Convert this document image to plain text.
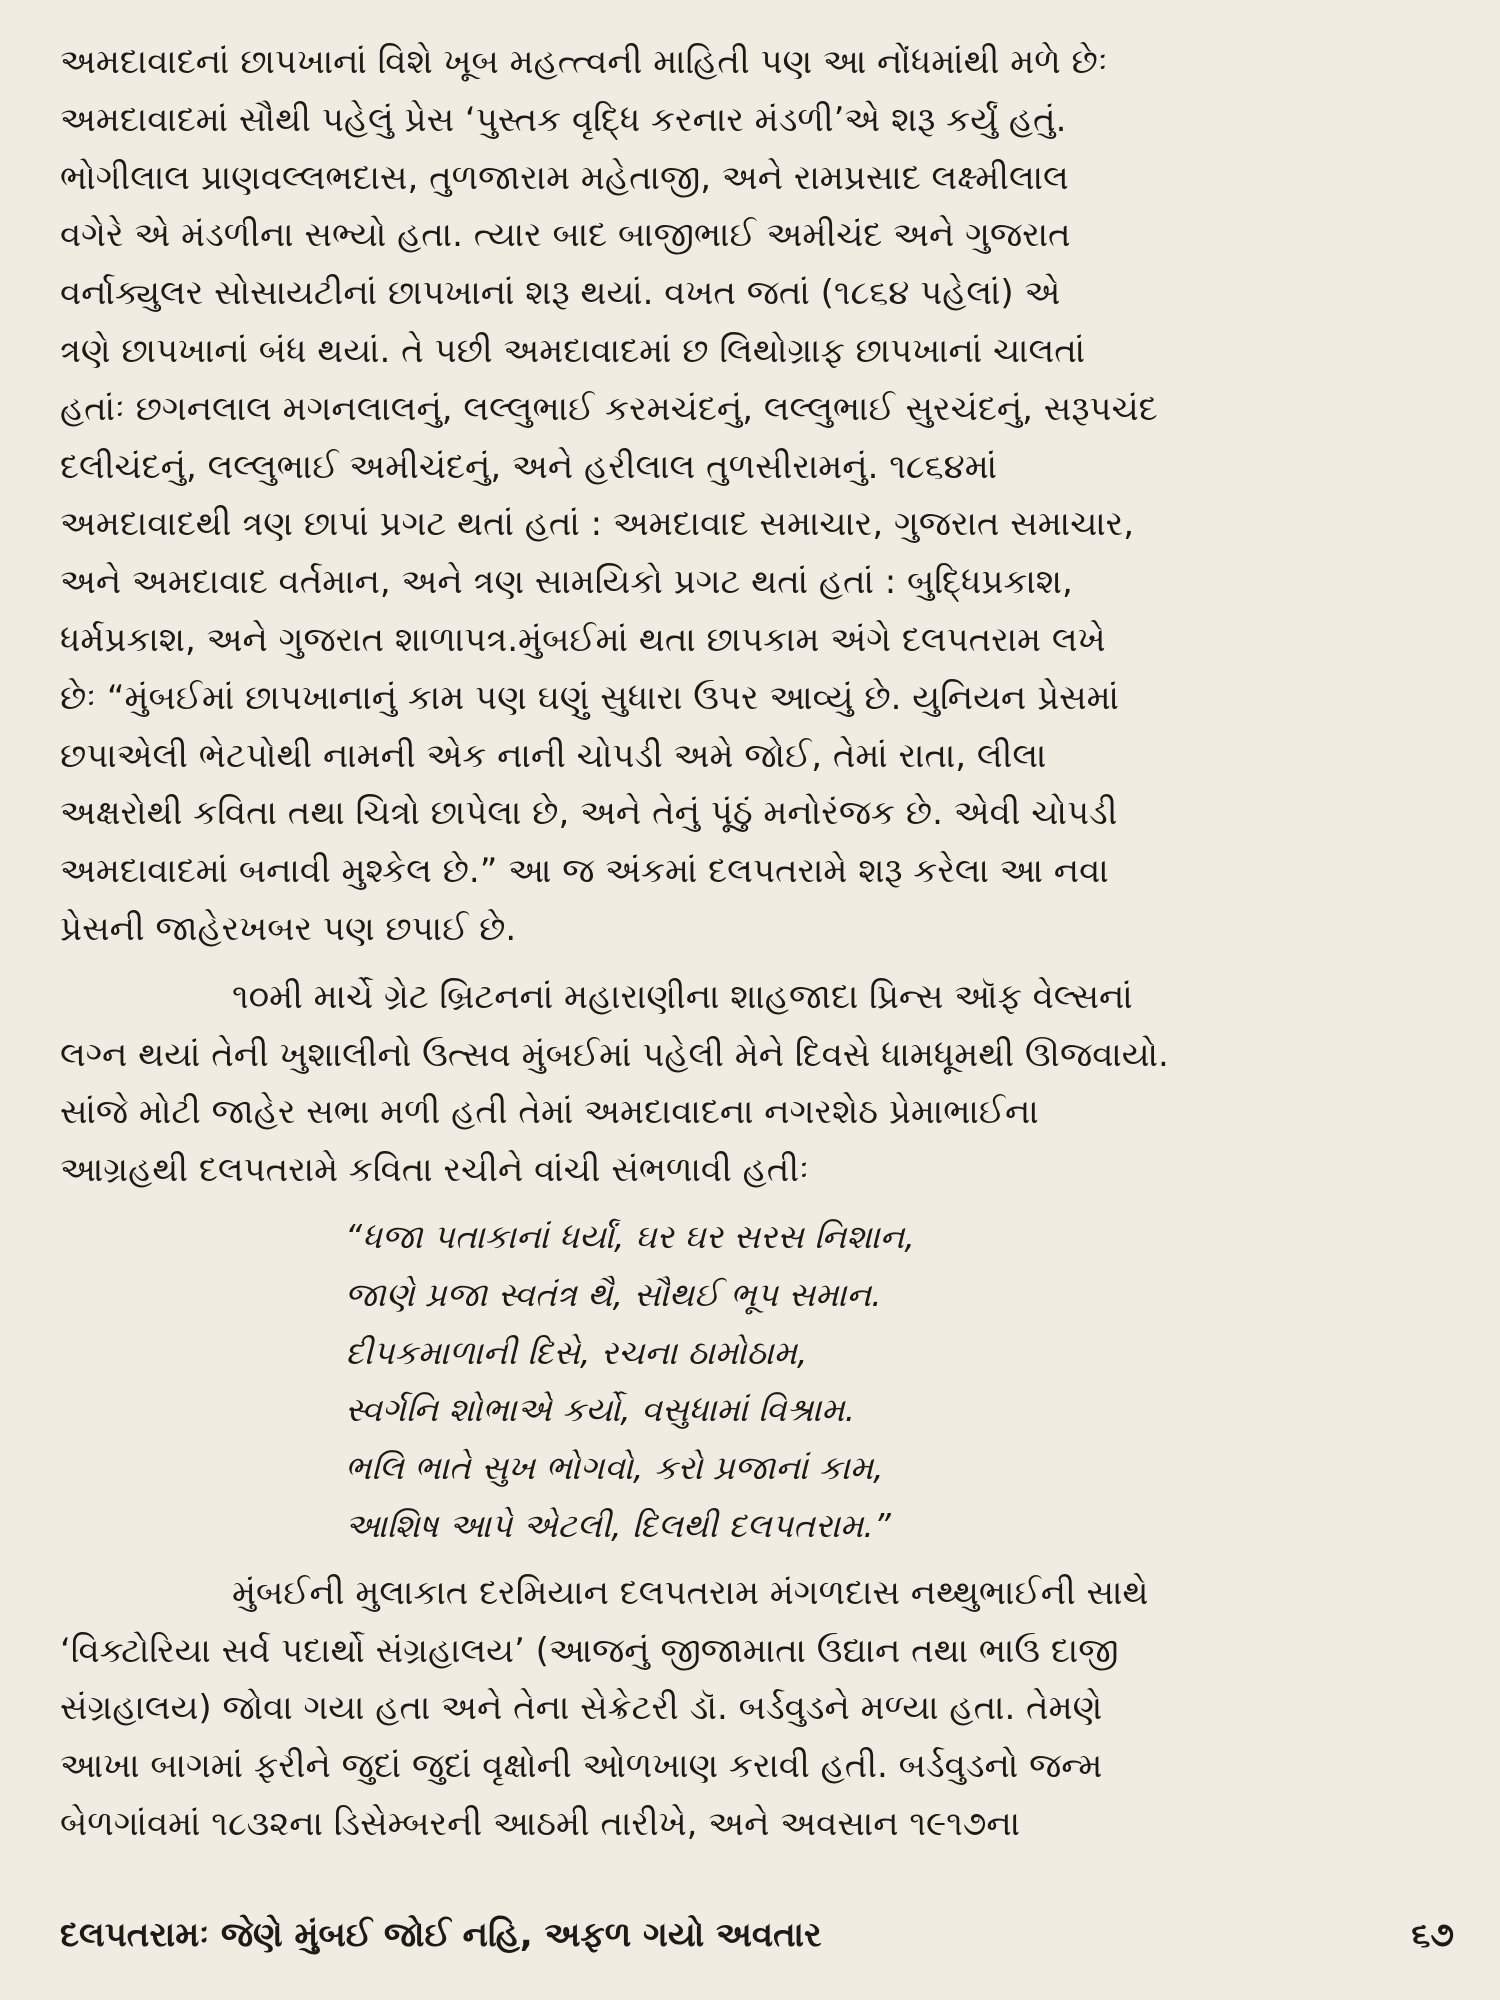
અમદાવાદનાં છાપખાનાં વિશે ખૂબ મહત્ત્વની માહિતી પણ આ નોંધમાંથી મળે છેઃ
અમદાવાદમાં સૌથી પહેલું પ્રેસ ‘પુસ્તક વૃદ્ધિ કરનાર મંડળી’એ શરૂ કર્યું હતું.
ભોગીલાલ પ્રાણવલ્લભદાસ, તુળજારામ મહેતાજી, અને રામપ્રસાદ લક્ષ્મીલાલ
વગેરે એ મંડળીના સભ્યો હતા. ત્યાર બાદ બાજીભાઈ અમીચંદ અને ગુજરાત
વર્નાક્યુલર સોસાયટીનાં છાપખાનાં શરૂ થયાં. વખત જતાં (૧૮૬૪ પહેલાં) એ
ત્રણે છાપખાનાં બંધ થયાં. તે પછી અમદાવાદમાં છ લિથોગ્રાફ છાપખાનાં ચાલતાં
હતાંઃ છગનલાલ મગનલાલનું, લલ્લુભાઈ કરમચંદનું, લલ્લુભાઈ સુરચંદનું, સરૂપચંદ
દલીચંદનું, લલ્લુભાઈ અમીચંદનું, અને હરીલાલ તુળસીરામનું. ૧૮૬૪માં
અમદાવાદથી ત્રણ છાપાં પ્રગટ થતાં હતાં : અમદાવાદ સમાચાર, ગુજરાત સમાચાર,
અને અમદાવાદ વર્તમાન, અને ત્રણ સામયિકો પ્રગટ થતાં હતાં : બુદ્ધિપ્રકાશ,
ધર્મપ્રકાશ, અને ગુજરાત શાળાપત્ર.મુંબઈમાં થતા છાપકામ અંગે દલપતરામ લખે
છેઃ “મુંબઈમાં છાપખાનાનું કામ પણ ઘણું સુધારા ઉપર આવ્યું છે. યુનિયન પ્રેસમાં
છપાએલી ભેટપોથી નામની એક નાની ચોપડી અમે જોઈ, તેમાં રાતા, લીલા
અક્ષરોથી કવિતા તથા ચિત્રો છાપેલા છે, અને તેનું પૂંઠું મનોરંજક છે. એવી ચોપડી
અમદાવાદમાં બનાવી મુશ્કેલ છે.” આ જ અંકમાં દલપતરામે શરૂ કરેલા આ નવા
પ્રેસની જાહેરખબર પણ છપાઈ છે.
૧૦મી માર્ચે ગ્રેટ બ્રિટનનાં મહારાણીના શાહજાદા પ્રિન્સ ઑફ વેલ્સનાં
લગ્ન થયાં તેની ખુશાલીનો ઉત્સવ મુંબઈમાં પહેલી મેને દિવસે ધામધૂમથી ઊજવાયો.
સાંજે મોટી જાહેર સભા મળી હતી તેમાં અમદાવાદના નગરશેઠ પ્રેમાભાઈના
આગ્રહથી દલપતરામે કવિતા રચીને વાંચી સંભળાવી હતીઃ
“ધજા પતાકાનાં ધર્યાં, ઘર ઘર સરસ નિશાન,
જાણે પ્રજા સ્વતંત્ર થૈ, સૌથઈ ભૂપ સમાન.
દીપકમાળાની દિસે, રચના ઠામોઠામ,
સ્વર્ગનિ શોભાએ કર્યો, વસુધામાં વિશ્રામ.
ભલિ ભાતે સુખ ભોગવો, કરો પ્રજાનાં કામ,
આશિષ આપે એટલી, દિલથી દલપતરામ.”
મુંબઈની મુલાકાત દરમિયાન દલપતરામ મંગળદાસ નથ્થુભાઈની સાથે
‘વિક્ટોરિયા સર્વ પદાર્થો સંગ્રહાલય’ (આજનું જીજામાતા ઉદ્યાન તથા ભાઉ દાજી
સંગ્રહાલય) જોવા ગયા હતા અને તેના સેક્રેટરી ડૉ. બર્ડવુડને મળ્યા હતા. તેમણે
આખા બાગમાં ફરીને જુદાં જુદાં વૃક્ષોની ઓળખાણ કરાવી હતી. બર્ડવુડનો જન્મ
બેળગાંવમાં ૧૮૩૨ના ડિસેમ્બરની આઠમી તારીખે, અને અવસાન ૧૯૧૭ના
દલપતરામઃ જેણે મુંબઈ જોઈ નહિ, અફળ ગયો અવતાર	૬૭
